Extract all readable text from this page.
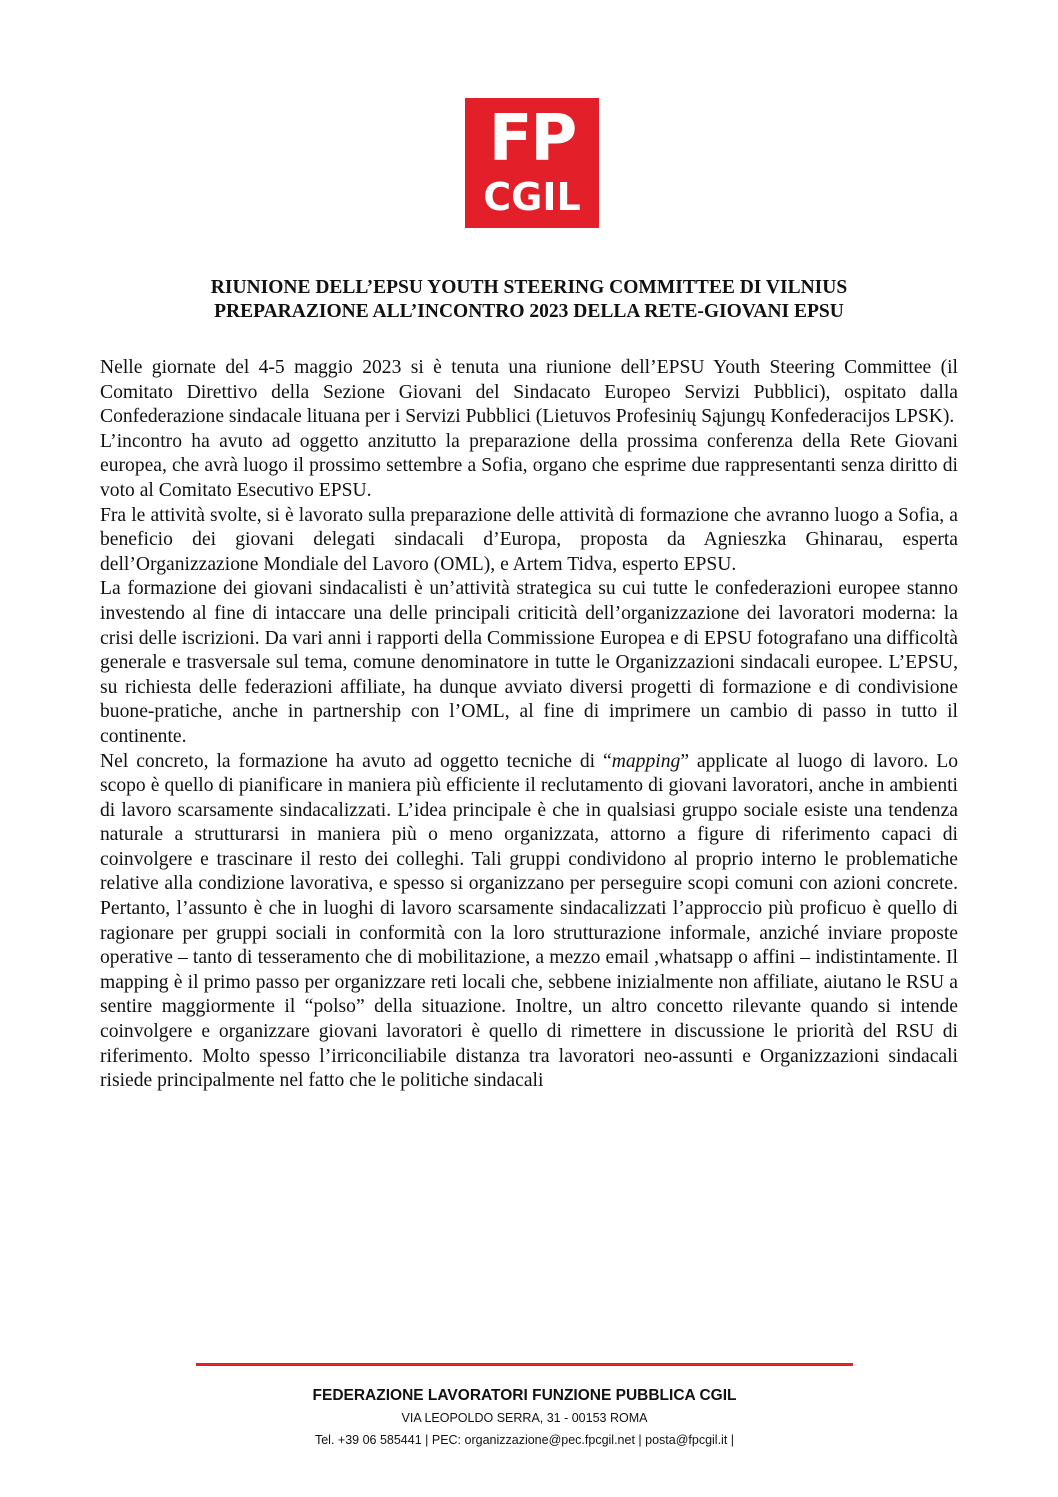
FP
CGIL
RIUNIONE DELL’EPSU YOUTH STEERING COMMITTEE DI VILNIUS
PREPARAZIONE ALL’INCONTRO 2023 DELLA RETE-GIOVANI EPSU

Nelle giornate del 4-5 maggio 2023 si è tenuta una riunione dell’EPSU Youth Steering Committee (il Comitato Direttivo della Sezione Giovani del Sindacato Europeo Servizi Pubblici), ospitato dalla Confederazione sindacale lituana per i Servizi Pubblici (Lietuvos Profesinių Sąjungų Konfederacijos LPSK).

L’incontro ha avuto ad oggetto anzitutto la preparazione della prossima conferenza della Rete Giovani europea, che avrà luogo il prossimo settembre a Sofia, organo che esprime due rappresentanti senza diritto di voto al Comitato Esecutivo EPSU.

Fra le attività svolte, si è lavorato sulla preparazione delle attività di formazione che avranno luogo a Sofia, a beneficio dei giovani delegati sindacali d’Europa, proposta da Agnieszka Ghinarau, esperta dell’Organizzazione Mondiale del Lavoro (OML), e Artem Tidva, esperto EPSU.

La formazione dei giovani sindacalisti è un’attività strategica su cui tutte le confederazioni europee stanno investendo al fine di intaccare una delle principali criticità dell’organizzazione dei lavoratori moderna: la crisi delle iscrizioni. Da vari anni i rapporti della Commissione Europea e di EPSU fotografano una difficoltà generale e trasversale sul tema, comune denominatore in tutte le Organizzazioni sindacali europee. L’EPSU, su richiesta delle federazioni affiliate, ha dunque avviato diversi progetti di formazione e di condivisione buone-pratiche, anche in partnership con l’OML, al fine di imprimere un cambio di passo in tutto il continente.

Nel concreto, la formazione ha avuto ad oggetto tecniche di “mapping” applicate al luogo di lavoro. Lo scopo è quello di pianificare in maniera più efficiente il reclutamento di giovani lavoratori, anche in ambienti di lavoro scarsamente sindacalizzati. L’idea principale è che in qualsiasi gruppo sociale esiste una tendenza naturale a strutturarsi in maniera più o meno organizzata, attorno a figure di riferimento capaci di coinvolgere e trascinare il resto dei colleghi. Tali gruppi condividono al proprio interno le problematiche relative alla condizione lavorativa, e spesso si organizzano per perseguire scopi comuni con azioni concrete. Pertanto, l’assunto è che in luoghi di lavoro scarsamente sindacalizzati l’approccio più proficuo è quello di ragionare per gruppi sociali in conformità con la loro strutturazione informale, anziché inviare proposte operative – tanto di tesseramento che di mobilitazione, a mezzo email ,whatsapp o affini – indistintamente. Il mapping è il primo passo per organizzare reti locali che, sebbene inizialmente non affiliate, aiutano le RSU a sentire maggiormente il “polso” della situazione. Inoltre, un altro concetto rilevante quando si intende coinvolgere e organizzare giovani lavoratori è quello di rimettere in discussione le priorità del RSU di riferimento. Molto spesso l’irriconciliabile distanza tra lavoratori neo-assunti e Organizzazioni sindacali risiede principalmente nel fatto che le politiche sindacali

FEDERAZIONE LAVORATORI FUNZIONE PUBBLICA CGIL
VIA LEOPOLDO SERRA, 31 - 00153 ROMA
Tel. +39 06 585441 | PEC: organizzazione@pec.fpcgil.net | posta@fpcgil.it |
